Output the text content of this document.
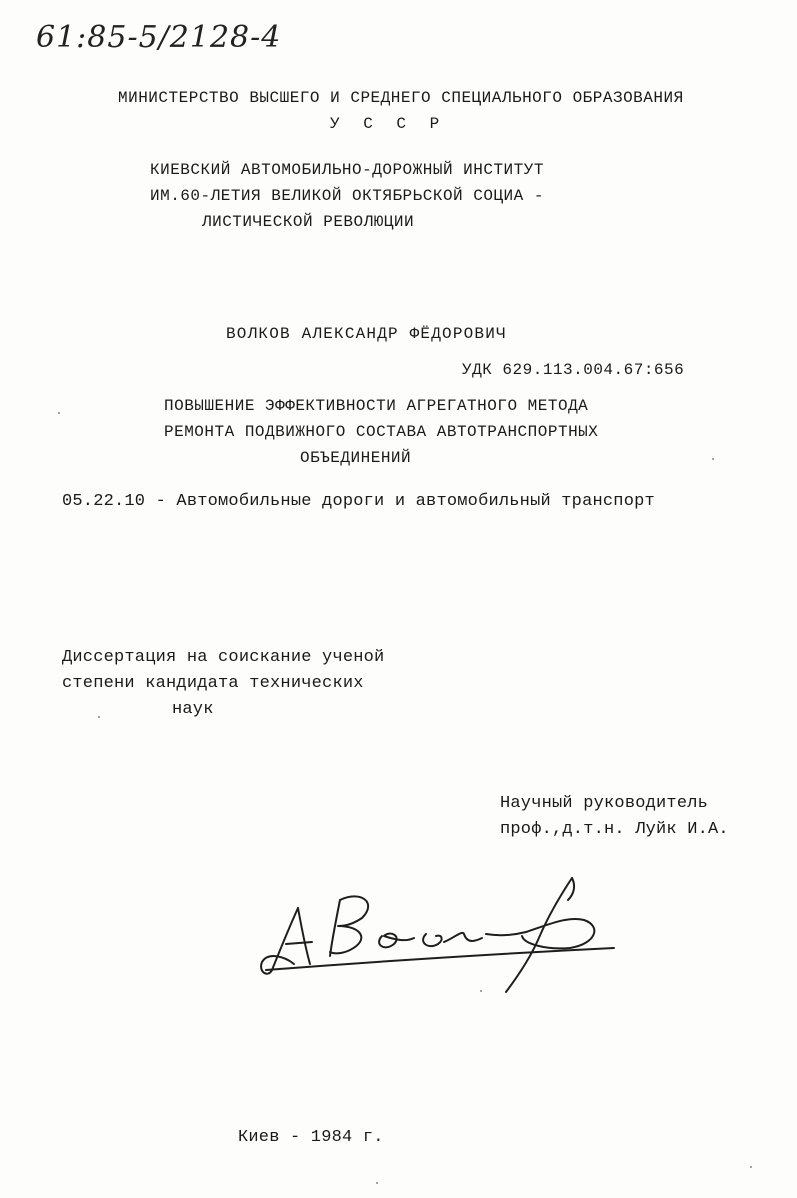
61:85-5/2128-4
МИНИСТЕРСТВО ВЫСШЕГО И СРЕДНЕГО СПЕЦИАЛЬНОГО ОБРАЗОВАНИЯ
У С С Р
КИЕВСКИЙ АВТОМОБИЛЬНО-ДОРОЖНЫЙ ИНСТИТУТ
ИМ.60-ЛЕТИЯ ВЕЛИКОЙ ОКТЯБРЬСКОЙ СОЦИА -
ЛИСТИЧЕСКОЙ РЕВОЛЮЦИИ
ВОЛКОВ АЛЕКСАНДР ФЁДОРОВИЧ
УДК 629.113.004.67:656
ПОВЫШЕНИЕ ЭФФЕКТИВНОСТИ АГРЕГАТНОГО МЕТОДА
РЕМОНТА ПОДВИЖНОГО СОСТАВА АВТОТРАНСПОРТНЫХ
ОБЪЕДИНЕНИЙ
05.22.10 - Автомобильные дороги и автомобильный транспорт
Диссертация на соискание ученой
степени кандидата технических
наук
Научный руководитель
проф.,д.т.н. Луйк И.А.
Киев - 1984 г.
